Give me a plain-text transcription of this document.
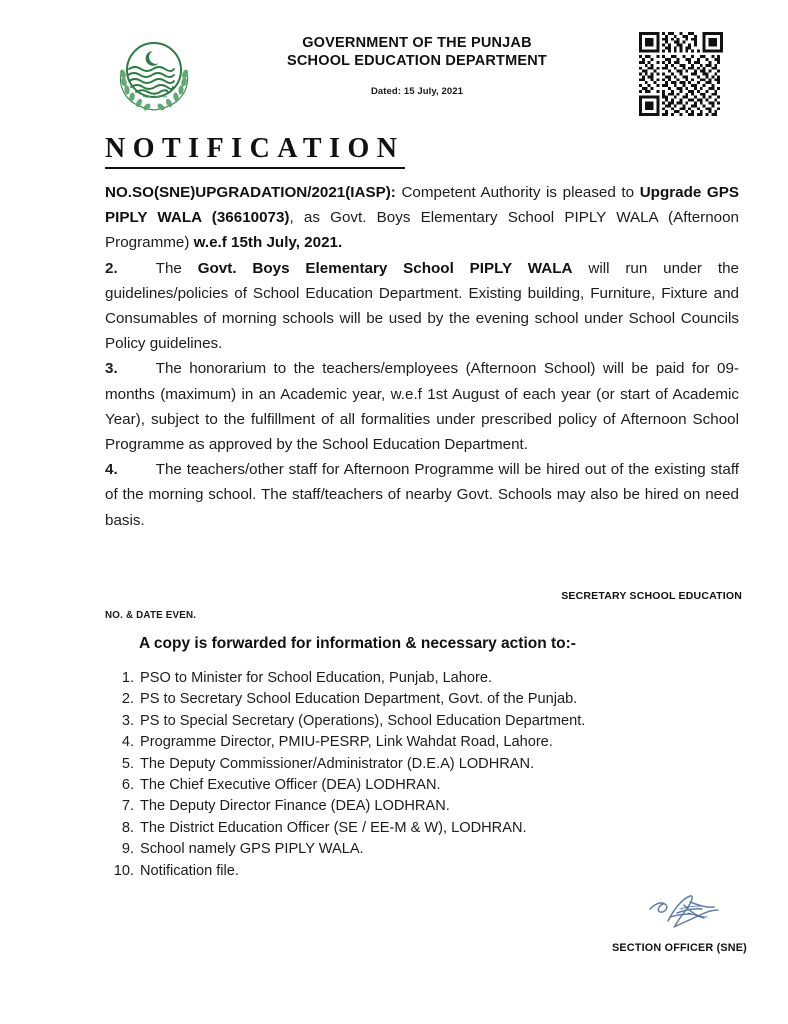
GOVERNMENT OF THE PUNJAB
SCHOOL EDUCATION DEPARTMENT
Dated: 15 July, 2021
NOTIFICATION

NO.SO(SNE)UPGRADATION/2021(IASP): Competent Authority is pleased to Upgrade GPS PIPLY WALA (36610073), as Govt. Boys Elementary School PIPLY WALA (Afternoon Programme) w.e.f 15th July, 2021.

2.	The Govt. Boys Elementary School PIPLY WALA will run under the guidelines/policies of School Education Department. Existing building, Furniture, Fixture and Consumables of morning schools will be used by the evening school under School Councils Policy guidelines.

3.	The honorarium to the teachers/employees (Afternoon School) will be paid for 09-months (maximum) in an Academic year, w.e.f 1st August of each year (or start of Academic Year), subject to the fulfillment of all formalities under prescribed policy of Afternoon School Programme as approved by the School Education Department.

4.	The teachers/other staff for Afternoon Programme will be hired out of the existing staff of the morning school. The staff/teachers of nearby Govt. Schools may also be hired on need basis.

SECRETARY SCHOOL EDUCATION
NO. & DATE EVEN.
A copy is forwarded for information & necessary action to:-
1. PSO to Minister for School Education, Punjab, Lahore.
2. PS to Secretary School Education Department, Govt. of the Punjab.
3. PS to Special Secretary (Operations), School Education Department.
4. Programme Director, PMIU-PESRP, Link Wahdat Road, Lahore.
5. The Deputy Commissioner/Administrator (D.E.A) LODHRAN.
6. The Chief Executive Officer (DEA) LODHRAN.
7. The Deputy Director Finance (DEA) LODHRAN.
8. The District Education Officer (SE / EE-M & W), LODHRAN.
9. School namely GPS PIPLY WALA.
10. Notification file.
SECTION OFFICER (SNE)
